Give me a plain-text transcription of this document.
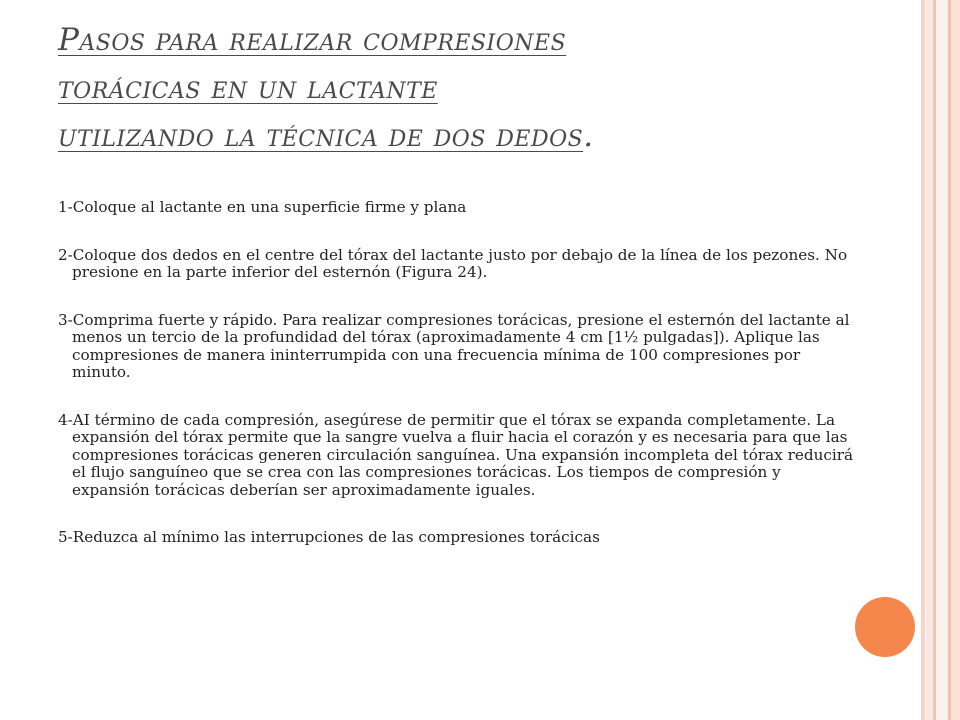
Pasos para realizar compresiones
torácicas en un lactante
utilizando la técnica de dos dedos.

1-Coloque al lactante en una superficie firme y plana

2-Coloque dos dedos en el centre del tórax del lactante justo por debajo de la línea de los pezones. No presione en la parte inferior del esternón (Figura 24).

3-Comprima fuerte y rápido. Para realizar compresiones torácicas, presione el esternón del lactante al menos un tercio de la profundidad del tórax (aproximadamente 4 cm [1½ pulgadas]). Aplique las compresiones de manera ininterrumpida con una frecuencia mínima de 100 compresiones por minuto.

4-AI término de cada compresión, asegúrese de permitir que el tórax se expanda completamente. La expansión del tórax permite que la sangre vuelva a fluir hacia el corazón y es necesaria para que las compresiones torácicas generen circulación sanguínea. Una expansión incompleta del tórax reducirá el flujo sanguíneo que se crea con las compresiones torácicas. Los tiempos de compresión y expansión torácicas deberían ser aproximadamente iguales.

5-Reduzca al mínimo las interrupciones de las compresiones torácicas
